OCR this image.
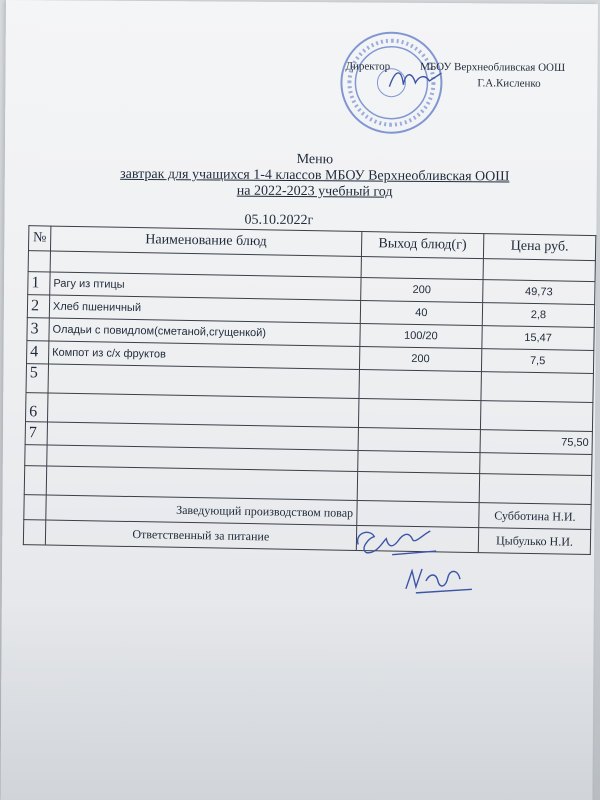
Директор	МБОУ Верхнеобливская ООШ
Г.А.Кисленко
Меню
завтрак для учащихся 1-4 классов МБОУ Верхнеобливская ООШ
на 2022-2023 учебный год
05.10.2022г
№	Наименование блюд	Выход блюд(г)	Цена руб.

1	Рагу из птицы	200	49,73
2	Хлеб пшеничный	40	2,8
3	Оладьи с повидлом(сметаной,сгущенкой)	100/20	15,47
4	Компот из с/х фруктов	200	7,5
5			
6			
7			75,50

	Заведующий производством повар		Субботина Н.И.
	Ответственный за питание		Цыбулько Н.И.
